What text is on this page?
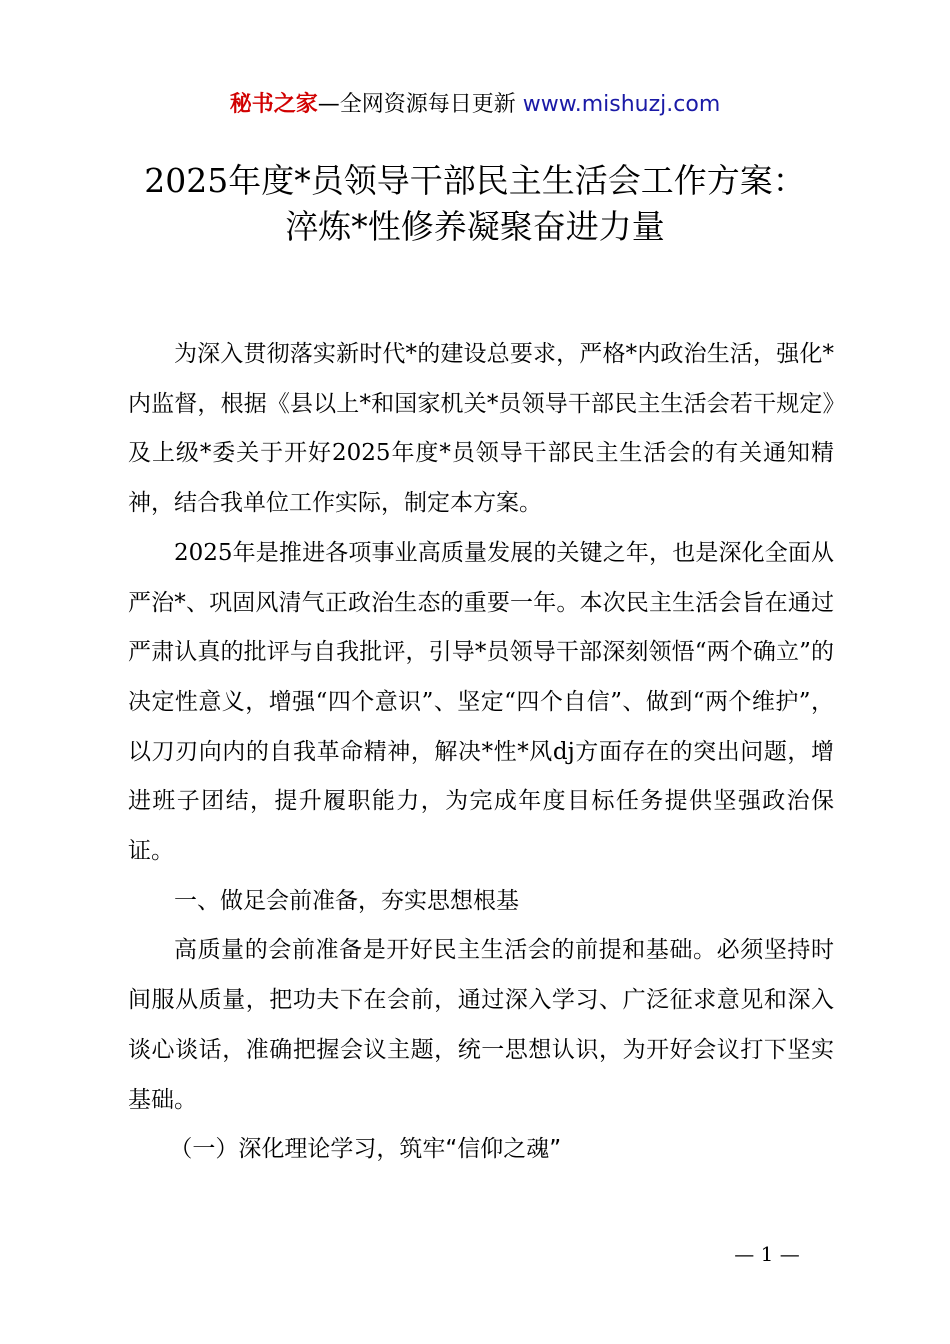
秘书之家—全网资源每日更新 www.mishuzj.com
2025年度*员领导干部民主生活会工作方案：
淬炼*性修养凝聚奋进力量

为深入贯彻落实新时代*的建设总要求，严格*内政治生活，强化*内监督，根据《县以上*和国家机关*员领导干部民主生活会若干规定》及上级*委关于开好2025年度*员领导干部民主生活会的有关通知精神，结合我单位工作实际，制定本方案。

2025年是推进各项事业高质量发展的关键之年，也是深化全面从严治*、巩固风清气正政治生态的重要一年。本次民主生活会旨在通过严肃认真的批评与自我批评，引导*员领导干部深刻领悟“两个确立”的决定性意义，增强“四个意识”、坚定“四个自信”、做到“两个维护”，以刀刃向内的自我革命精神，解决*性*风dj方面存在的突出问题，增进班子团结，提升履职能力，为完成年度目标任务提供坚强政治保证。

一、做足会前准备，夯实思想根基

高质量的会前准备是开好民主生活会的前提和基础。必须坚持时间服从质量，把功夫下在会前，通过深入学习、广泛征求意见和深入谈心谈话，准确把握会议主题，统一思想认识，为开好会议打下坚实基础。

（一）深化理论学习，筑牢“信仰之魂”

— 1 —
